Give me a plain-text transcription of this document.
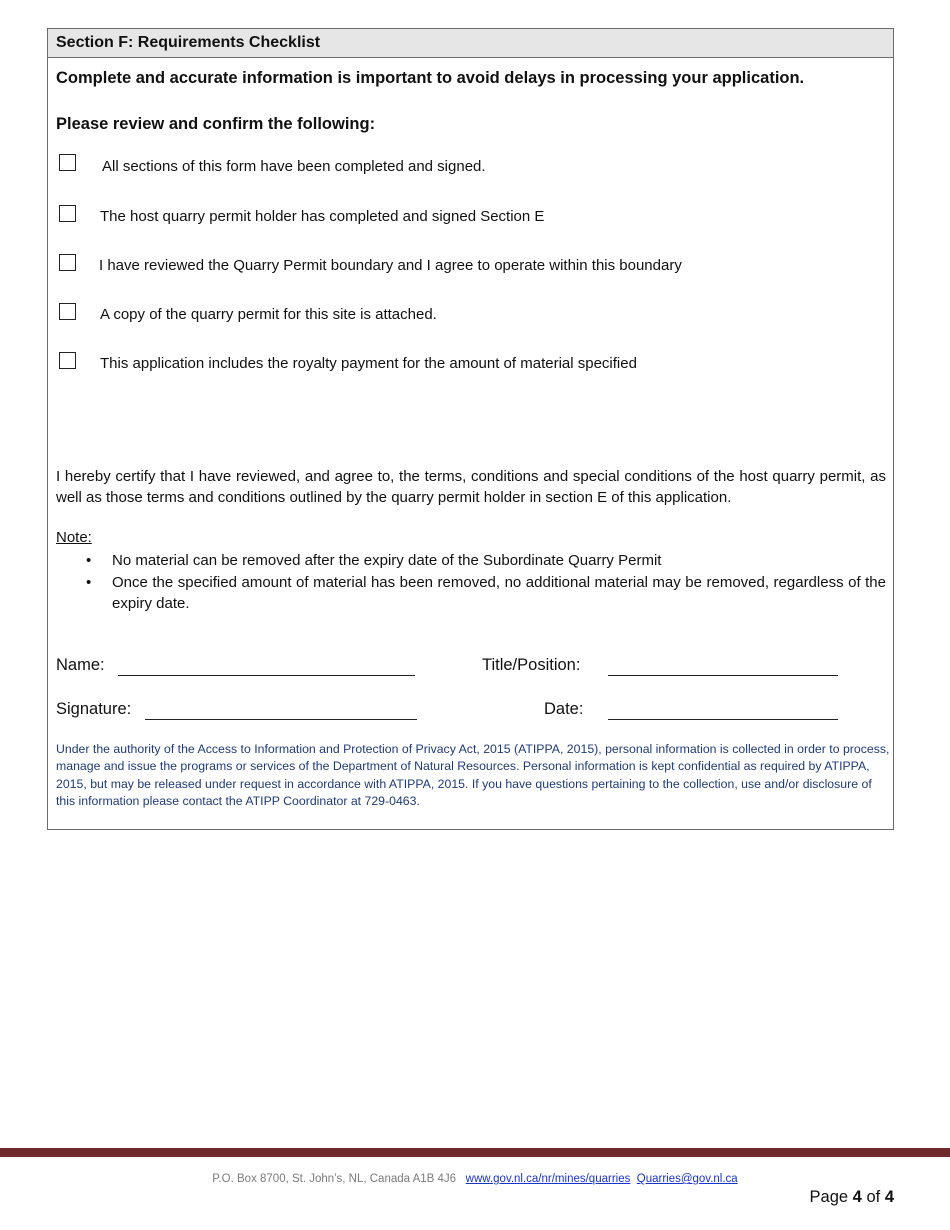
Section F: Requirements Checklist
Complete and accurate information is important to avoid delays in processing your application.
Please review and confirm the following:
All sections of this form have been completed and signed.
The host quarry permit holder has completed and signed Section E
I have reviewed the Quarry Permit boundary and I agree to operate within this boundary
A copy of the quarry permit for this site is attached.
This application includes the royalty payment for the amount of material specified
I hereby certify that I have reviewed, and agree to, the terms, conditions and special conditions of the host quarry permit, as well as those terms and conditions outlined by the quarry permit holder in section E of this application.
Note:
• No material can be removed after the expiry date of the Subordinate Quarry Permit
• Once the specified amount of material has been removed, no additional material may be removed, regardless of the expiry date.
Name:	Title/Position:
Signature:	Date:
Under the authority of the Access to Information and Protection of Privacy Act, 2015 (ATIPPA, 2015), personal information is collected in order to process, manage and issue the programs or services of the Department of Natural Resources. Personal information is kept confidential as required by ATIPPA, 2015, but may be released under request in accordance with ATIPPA, 2015. If you have questions pertaining to the collection, use and/or disclosure of this information please contact the ATIPP Coordinator at 729-0463.
P.O. Box 8700, St. John’s, NL, Canada A1B 4J6 www.gov.nl.ca/nr/mines/quarries Quarries@gov.nl.ca
Page 4 of 4
